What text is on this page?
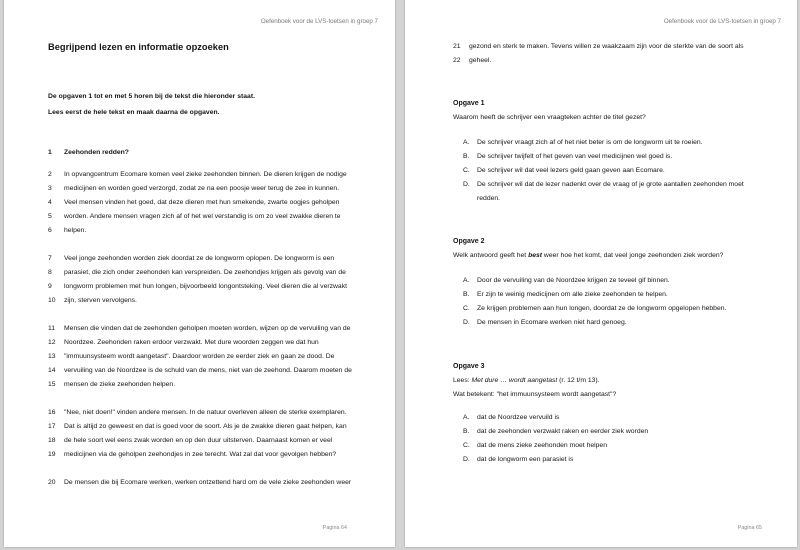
Oefenboek voor de LVS-toetsen in groep 7
Begrijpend lezen en informatie opzoeken
De opgaven 1 tot en met 5 horen bij de tekst die hieronder staat.
Lees eerst de hele tekst en maak daarna de opgaven.
1 Zeehonden redden?
2 In opvangcentrum Ecomare komen veel zieke zeehonden binnen. De dieren krijgen de nodige
3 medicijnen en worden goed verzorgd, zodat ze na een poosje weer terug de zee in kunnen.
4 Veel mensen vinden het goed, dat deze dieren met hun smekende, zwarte oogjes geholpen
5 worden. Andere mensen vragen zich af of het wel verstandig is om zo veel zwakke dieren te
6 helpen.
7 Veel jonge zeehonden worden ziek doordat ze de longworm oplopen. De longworm is een
8 parasiet, die zich onder zeehonden kan verspreiden. De zeehondjes krijgen als gevolg van de
9 longworm problemen met hun longen, bijvoorbeeld longontsteking. Veel dieren die al verzwakt
10 zijn, sterven vervolgens.
11 Mensen die vinden dat de zeehonden geholpen moeten worden, wijzen op de vervuiling van de
12 Noordzee. Zeehonden raken erdoor verzwakt. Met dure woorden zeggen we dat hun
13 "immuunsysteem wordt aangetast". Daardoor worden ze eerder ziek en gaan ze dood. De
14 vervuiling van de Noordzee is de schuld van de mens, niet van de zeehond. Daarom moeten de
15 mensen de zieke zeehonden helpen.
16 "Nee, niet doen!" vinden andere mensen. In de natuur overleven alleen de sterke exemplaren.
17 Dat is altijd zo geweest en dat is goed voor de soort. Als je de zwakke dieren gaat helpen, kan
18 de hele soort wel eens zwak worden en op den duur uitsterven. Daarnaast komen er veel
19 medicijnen via de geholpen zeehondjes in zee terecht. Wat zal dat voor gevolgen hebben?
20 De mensen die bij Ecomare werken, werken ontzettend hard om de vele zieke zeehonden weer
Pagina 64
Oefenboek voor de LVS-toetsen in groep 7
21 gezond en sterk te maken. Tevens willen ze waakzaam zijn voor de sterkte van de soort als
22 geheel.
Opgave 1
Waarom heeft de schrijver een vraagteken achter de titel gezet?
A. De schrijver vraagt zich af of het niet beter is om de longworm uit te roeien.
B. De schrijver twijfelt of het geven van veel medicijnen wel goed is.
C. De schrijver wil dat veel lezers geld gaan geven aan Ecomare.
D. De schrijver wil dat de lezer nadenkt over de vraag of je grote aantallen zeehonden moet
redden.
Opgave 2
Welk antwoord geeft het best weer hoe het komt, dat veel jonge zeehonden ziek worden?
A. Door de vervuiling van de Noordzee krijgen ze teveel gif binnen.
B. Er zijn te weinig medicijnen om alle zieke zeehonden te helpen.
C. Ze krijgen problemen aan hun longen, doordat ze de longworm opgelopen hebben.
D. De mensen in Ecomare werken niet hard genoeg.
Opgave 3
Lees: Met dure … wordt aangetast (r. 12 t/m 13).
Wat betekent: "het immuunsysteem wordt aangetast"?
A. dat de Noordzee vervuild is
B. dat de zeehonden verzwakt raken en eerder ziek worden
C. dat de mens zieke zeehonden moet helpen
D. dat de longworm een parasiet is
Pagina 65
